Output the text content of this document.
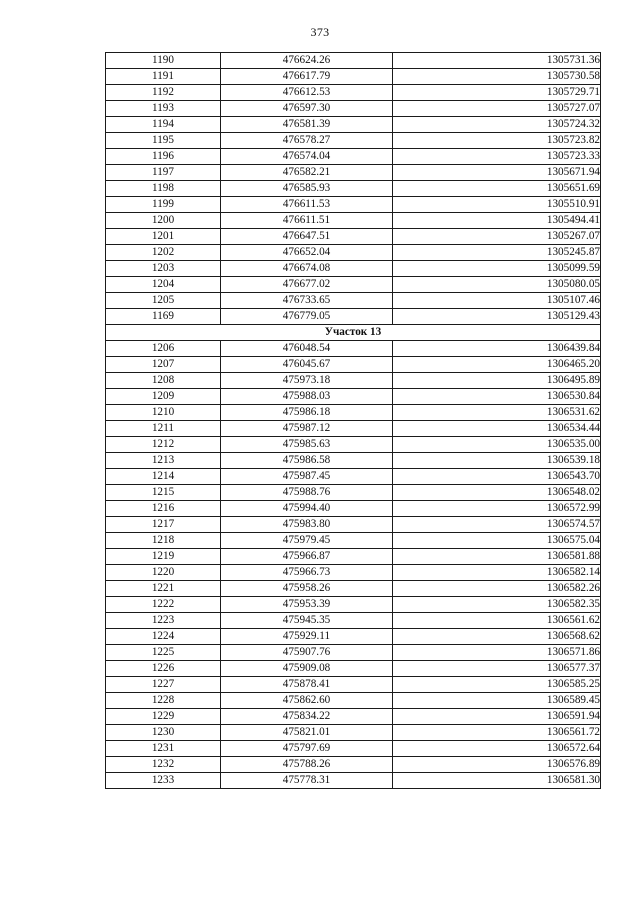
373
1190	476624.26	1305731.36
1191	476617.79	1305730.58
1192	476612.53	1305729.71
1193	476597.30	1305727.07
1194	476581.39	1305724.32
1195	476578.27	1305723.82
1196	476574.04	1305723.33
1197	476582.21	1305671.94
1198	476585.93	1305651.69
1199	476611.53	1305510.91
1200	476611.51	1305494.41
1201	476647.51	1305267.07
1202	476652.04	1305245.87
1203	476674.08	1305099.59
1204	476677.02	1305080.05
1205	476733.65	1305107.46
1169	476779.05	1305129.43
Участок 13		
1206	476048.54	1306439.84
1207	476045.67	1306465.20
1208	475973.18	1306495.89
1209	475988.03	1306530.84
1210	475986.18	1306531.62
1211	475987.12	1306534.44
1212	475985.63	1306535.00
1213	475986.58	1306539.18
1214	475987.45	1306543.70
1215	475988.76	1306548.02
1216	475994.40	1306572.99
1217	475983.80	1306574.57
1218	475979.45	1306575.04
1219	475966.87	1306581.88
1220	475966.73	1306582.14
1221	475958.26	1306582.26
1222	475953.39	1306582.35
1223	475945.35	1306561.62
1224	475929.11	1306568.62
1225	475907.76	1306571.86
1226	475909.08	1306577.37
1227	475878.41	1306585.25
1228	475862.60	1306589.45
1229	475834.22	1306591.94
1230	475821.01	1306561.72
1231	475797.69	1306572.64
1232	475788.26	1306576.89
1233	475778.31	1306581.30
